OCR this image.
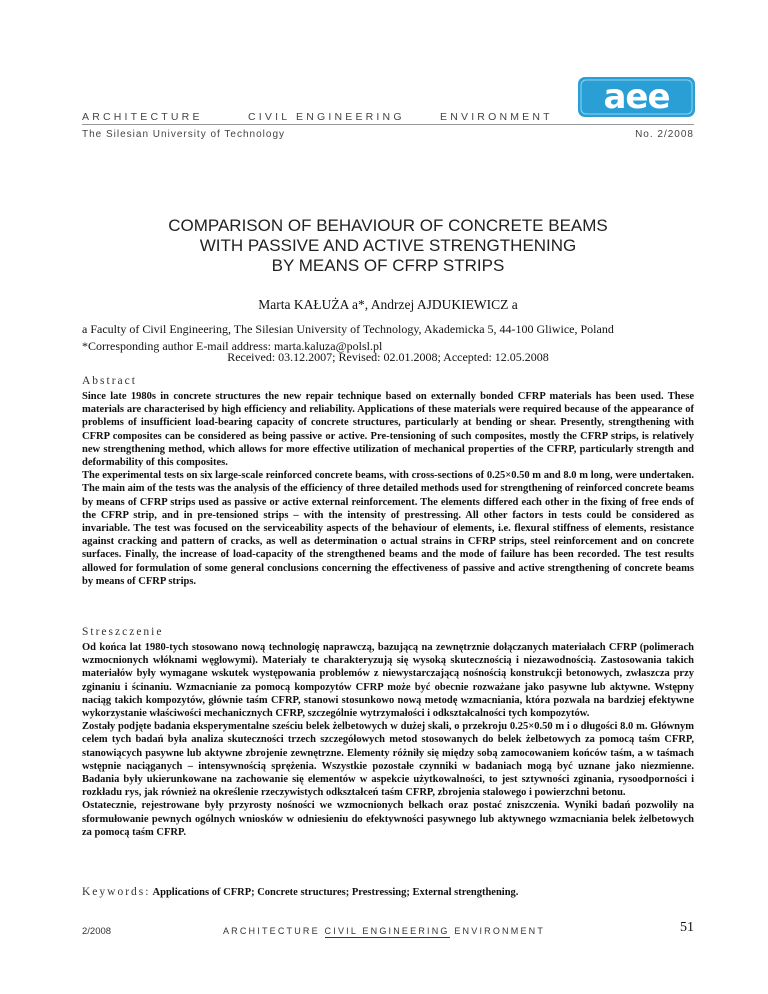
ARCHITECTURE	CIVIL ENGINEERING	ENVIRONMENT
The Silesian University of Technology	No. 2/2008
aee
COMPARISON OF BEHAVIOUR OF CONCRETE BEAMS
WITH PASSIVE AND ACTIVE STRENGTHENING
BY MEANS OF CFRP STRIPS
Marta KAŁUŻA a*, Andrzej AJDUKIEWICZ a
a Faculty of Civil Engineering, The Silesian University of Technology, Akademicka 5, 44-100 Gliwice, Poland
*Corresponding author E-mail address: marta.kaluza@polsl.pl
Received: 03.12.2007; Revised: 02.01.2008; Accepted: 12.05.2008
Abstract

Since late 1980s in concrete structures the new repair technique based on externally bonded CFRP materials has been used. These materials are characterised by high efficiency and reliability. Applications of these materials were required because of the appearance of problems of insufficient load-bearing capacity of concrete structures, particularly at bending or shear. Presently, strengthening with CFRP composites can be considered as being passive or active. Pre-tensioning of such composites, mostly the CFRP strips, is relatively new strengthening method, which allows for more effective utilization of mechanical properties of the CFRP, particularly strength and deformability of this composites.

The experimental tests on six large-scale reinforced concrete beams, with cross-sections of 0.25×0.50 m and 8.0 m long, were undertaken. The main aim of the tests was the analysis of the efficiency of three detailed methods used for strengthening of reinforced concrete beams by means of CFRP strips used as passive or active external reinforcement. The elements differed each other in the fixing of free ends of the CFRP strip, and in pre-tensioned strips – with the intensity of prestressing. All other factors in tests could be considered as invariable. The test was focused on the serviceability aspects of the behaviour of elements, i.e. flexural stiffness of elements, resistance against cracking and pattern of cracks, as well as determination o actual strains in CFRP strips, steel reinforcement and on concrete surfaces. Finally, the increase of load-capacity of the strengthened beams and the mode of failure has been recorded. The test results allowed for formulation of some general conclusions concerning the effectiveness of passive and active strengthening of concrete beams by means of CFRP strips.

Streszczenie

Od końca lat 1980-tych stosowano nową technologię naprawczą, bazującą na zewnętrznie dołączanych materiałach CFRP (polimerach wzmocnionych włóknami węglowymi). Materiały te charakteryzują się wysoką skutecznością i niezawodnością. Zastosowania takich materiałów były wymagane wskutek występowania problemów z niewystarczającą nośnością konstrukcji betonowych, zwłaszcza przy zginaniu i ścinaniu. Wzmacnianie za pomocą kompozytów CFRP może być obecnie rozważane jako pasywne lub aktywne. Wstępny naciąg takich kompozytów, głównie taśm CFRP, stanowi stosunkowo nową metodę wzmacniania, która pozwala na bardziej efektywne wykorzystanie właściwości mechanicznych CFRP, szczególnie wytrzymałości i odkształcalności tych kompozytów.

Zostały podjęte badania eksperymentalne sześciu belek żelbetowych w dużej skali, o przekroju 0.25×0.50 m i o długości 8.0 m. Głównym celem tych badań była analiza skuteczności trzech szczegółowych metod stosowanych do belek żelbetowych za pomocą taśm CFRP, stanowiących pasywne lub aktywne zbrojenie zewnętrzne. Elementy różniły się między sobą zamocowaniem końców taśm, a w taśmach wstępnie naciąganych – intensywnością sprężenia. Wszystkie pozostałe czynniki w badaniach mogą być uznane jako niezmienne. Badania były ukierunkowane na zachowanie się elementów w aspekcie użytkowalności, to jest sztywności zginania, rysoodporności i rozkładu rys, jak również na określenie rzeczywistych odkształceń taśm CFRP, zbrojenia stalowego i powierzchni betonu.

Ostatecznie, rejestrowane były przyrosty nośności we wzmocnionych belkach oraz postać zniszczenia. Wyniki badań pozwoliły na sformułowanie pewnych ogólnych wniosków w odniesieniu do efektywności pasywnego lub aktywnego wzmacniania belek żelbetowych za pomocą taśm CFRP.

Keywords: Applications of CFRP; Concrete structures; Prestressing; External strengthening.
2/2008	ARCHITECTURE CIVIL ENGINEERING ENVIRONMENT	51
